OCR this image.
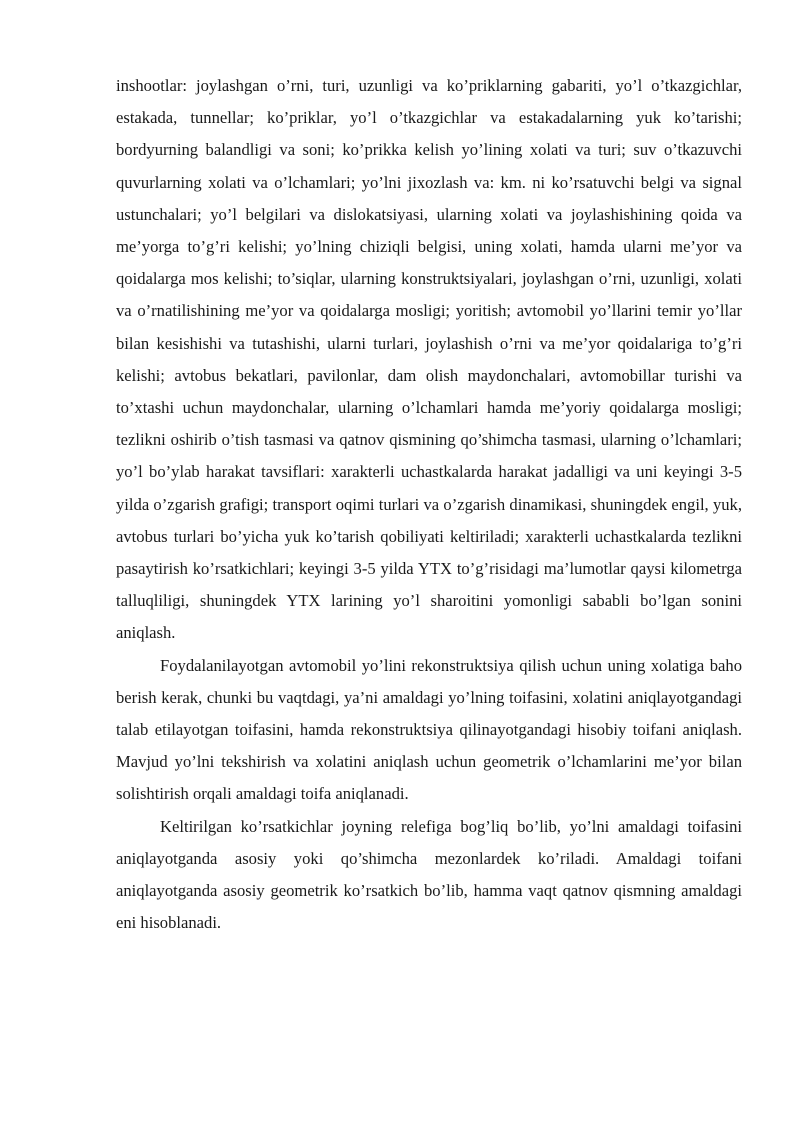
inshootlar: joylashgan o’rni, turi, uzunligi va ko’priklarning gabariti, yo’l o’tkazgichlar, estakada, tunnellar; ko’priklar, yo’l o’tkazgichlar va estakadalarning yuk ko’tarishi; bordyurning balandligi va soni; ko’prikka kelish yo’lining xolati va turi; suv o’tkazuvchi quvurlarning xolati va o’lchamlari; yo’lni jixozlash va: km. ni ko’rsatuvchi belgi va signal ustunchalari; yo’l belgilari va dislokatsiyasi, ularning xolati va joylashishining qoida va me’yorga to’g’ri kelishi; yo’lning chiziqli belgisi, uning xolati, hamda ularni me’yor va qoidalarga mos kelishi; to’siqlar, ularning konstruktsiyalari, joylashgan o’rni, uzunligi, xolati va o’rnatilishining me’yor va qoidalarga mosligi; yoritish; avtomobil yo’llarini temir yo’llar bilan kesishishi va tutashishi, ularni turlari, joylashish o’rni va me’yor qoidalariga to’g’ri kelishi; avtobus bekatlari, pavilonlar, dam olish maydonchalari, avtomobillar turishi va to’xtashi uchun maydonchalar, ularning o’lchamlari hamda me’yoriy qoidalarga mosligi; tezlikni oshirib o’tish tasmasi va qatnov qismining qo’shimcha tasmasi, ularning o’lchamlari; yo’l bo’ylab harakat tavsiflari: xarakterli uchastkalarda harakat jadalligi va uni keyingi 3-5 yilda o’zgarish grafigi; transport oqimi turlari va o’zgarish dinamikasi, shuningdek engil, yuk, avtobus turlari bo’yicha yuk ko’tarish qobiliyati keltiriladi; xarakterli uchastkalarda tezlikni pasaytirish ko’rsatkichlari; keyingi 3-5 yilda YTX to’g’risidagi ma’lumotlar qaysi kilometrga talluqliligi, shuningdek YTX larining yo’l sharoitini yomonligi sababli bo’lgan sonini aniqlash.

Foydalanilayotgan avtomobil yo’lini rekonstruktsiya qilish uchun uning xolatiga baho berish kerak, chunki bu vaqtdagi, ya’ni amaldagi yo’lning toifasini, xolatini aniqlayotgandagi talab etilayotgan toifasini, hamda rekonstruktsiya qilinayotgandagi hisobiy toifani aniqlash. Mavjud yo’lni tekshirish va xolatini aniqlash uchun geometrik o’lchamlarini me’yor bilan solishtirish orqali amaldagi toifa aniqlanadi.

Keltirilgan ko’rsatkichlar joyning relefiga bog’liq bo’lib, yo’lni amaldagi toifasini aniqlayotganda asosiy yoki qo’shimcha mezonlardek ko’riladi. Amaldagi toifani aniqlayotganda asosiy geometrik ko’rsatkich bo’lib, hamma vaqt qatnov qismning amaldagi eni hisoblanadi.
